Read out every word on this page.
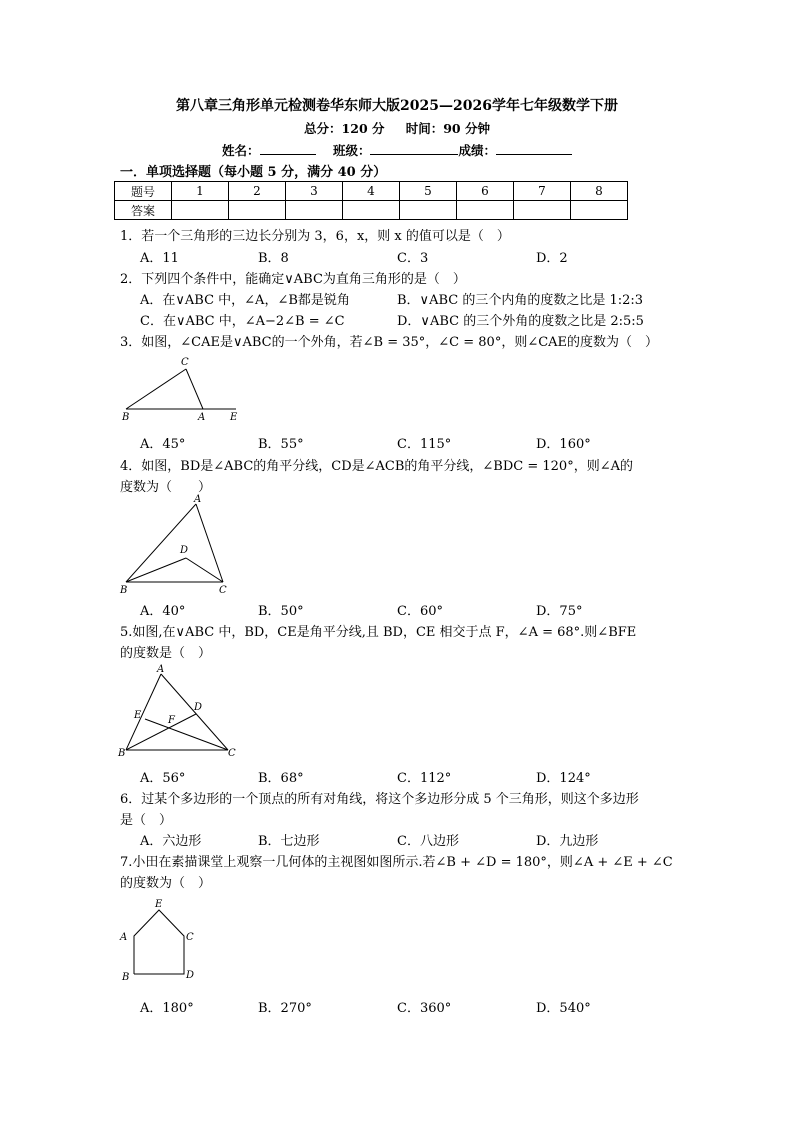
第八章三角形单元检测卷华东师大版2025—2026学年七年级数学下册
总分：120 分 　 时间：90 分钟
姓名：	班级：	成绩：
一．单项选择题（每小题 5 分，满分 40 分）
题号	1	2	3	4	5	6	7	8
答案								
1．若一个三角形的三边长分别为 3，6，x，则 x 的值可以是（　）
A．11	B．8	C．3	D．2
2．下列四个条件中，能确定∨ABC为直角三角形的是（　）
A．在∨ABC 中，∠A，∠B都是锐角	B．∨ABC 的三个内角的度数之比是 1:2:3
C．在∨ABC 中，∠A−2∠B = ∠C	D．∨ABC 的三个外角的度数之比是 2:5:5
3．如图，∠CAE是∨ABC的一个外角，若∠B = 35°，∠C = 80°，则∠CAE的度数为（　）
C
B	A E
A．45°	B．55°	C．115°	D．160°
4．如图，BD是∠ABC的角平分线，CD是∠ACB的角平分线，∠BDC = 120°，则∠A的
度数为（　　）
A
D
B	C
A．40°	B．50°	C．60°	D．75°
5.如图,在∨ABC 中，BD，CE是角平分线,且 BD，CE 相交于点 F，∠A = 68°.则∠BFE
的度数是（　）
A
E
D
F
B	C
A．56°	B．68°	C．112°	D．124°
6．过某个多边形的一个顶点的所有对角线，将这个多边形分成 5 个三角形，则这个多边形
是（　）
A．六边形	B．七边形	C．八边形	D．九边形
7.小田在素描课堂上观察一几何体的主视图如图所示.若∠B + ∠D = 180°，则∠A + ∠E + ∠C
的度数为（　）
E
A	C
B	D
A．180°	B．270°	C．360°	D．540°
